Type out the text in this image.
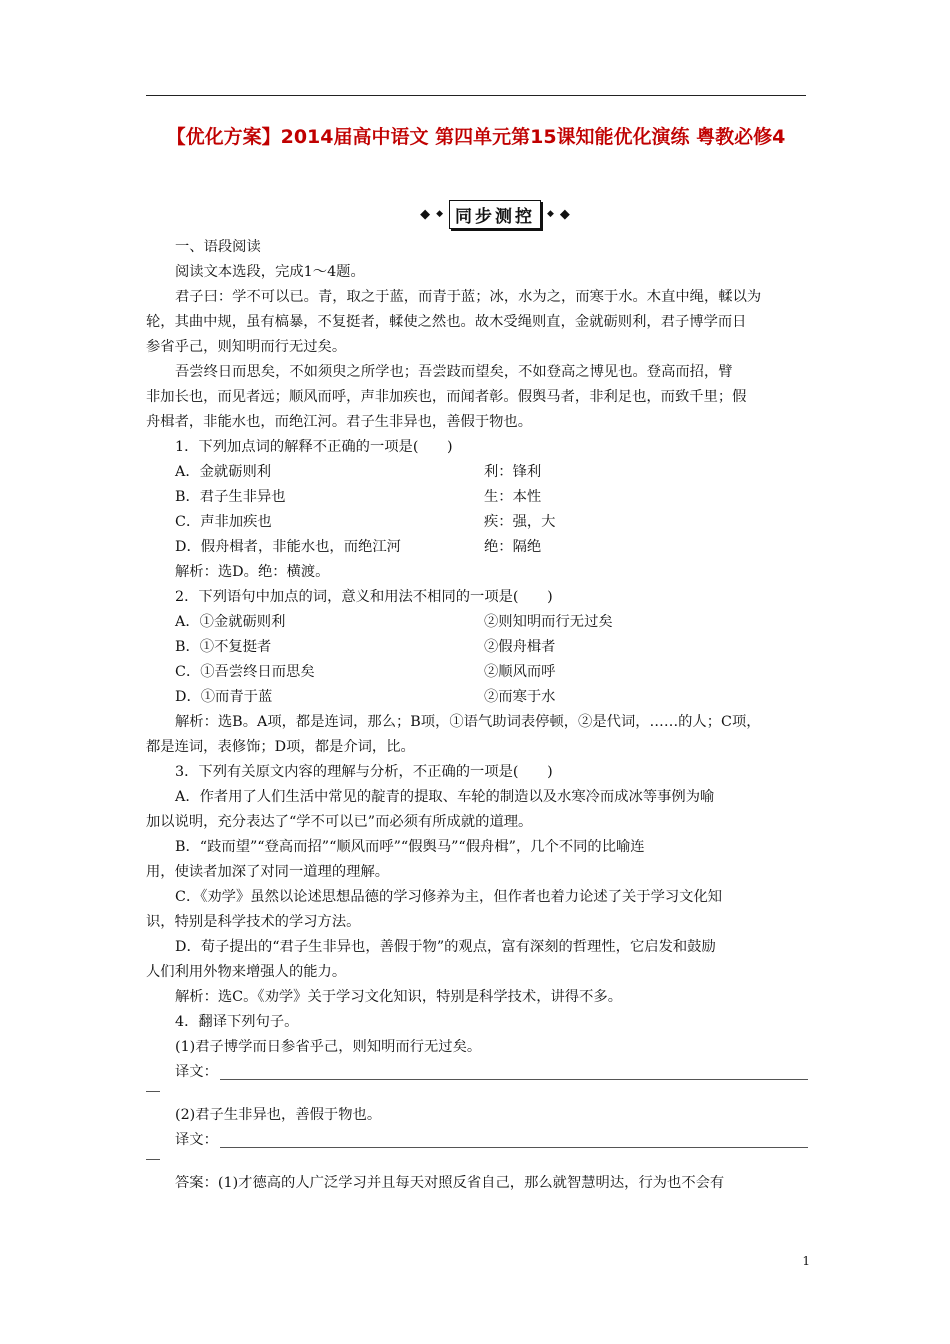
【优化方案】2014届高中语文 第四单元第15课知能优化演练 粤教必修4
◆ ◆ 同步测控	◆ ◆
一、语段阅读
阅读文本选段，完成1～4题。
君子曰：学不可以已。青，取之于蓝，而青于蓝；冰，水为之，而寒于水。木直中绳，輮以为
轮，其曲中规，虽有槁暴，不复挺者，輮使之然也。故木受绳则直，金就砺则利，君子博学而日
参省乎己，则知明而行无过矣。
吾尝终日而思矣，不如须臾之所学也；吾尝跂而望矣，不如登高之博见也。登高而招，臂
非加长也，而见者远；顺风而呼，声非加疾也，而闻者彰。假舆马者，非利足也，而致千里；假
舟楫者，非能水也，而绝江河。君子生非异也，善假于物也。
1．下列加点词的解释不正确的一项是(　　)
A．金就砺则利	利：锋利
B．君子生非异也	生：本性
C．声非加疾也	疾：强，大
D．假舟楫者，非能水也，而绝江河	绝：隔绝
解析：选D。绝：横渡。
2．下列语句中加点的词，意义和用法不相同的一项是(　　)
A．①金就砺则利	②则知明而行无过矣
B．①不复挺者	②假舟楫者
C．①吾尝终日而思矣	②顺风而呼
D．①而青于蓝	②而寒于水
解析：选B。A项，都是连词，那么；B项，①语气助词表停顿，②是代词，……的人；C项，
都是连词，表修饰；D项，都是介词，比。
3．下列有关原文内容的理解与分析，不正确的一项是(　　)
A．作者用了人们生活中常见的靛青的提取、车轮的制造以及水寒冷而成冰等事例为喻
加以说明，充分表达了“学不可以已”而必须有所成就的道理。
B．“跂而望”“登高而招”“顺风而呼”“假舆马”“假舟楫”，几个不同的比喻连
用，使读者加深了对同一道理的理解。
C．《劝学》虽然以论述思想品德的学习修养为主，但作者也着力论述了关于学习文化知
识，特别是科学技术的学习方法。
D．荀子提出的“君子生非异也，善假于物”的观点，富有深刻的哲理性，它启发和鼓励
人们利用外物来增强人的能力。
解析：选C。《劝学》关于学习文化知识，特别是科学技术，讲得不多。
4．翻译下列句子。
(1)君子博学而日参省乎己，则知明而行无过矣。
译文：
(2)君子生非异也，善假于物也。
译文：
答案：(1)才德高的人广泛学习并且每天对照反省自己，那么就智慧明达，行为也不会有
1
